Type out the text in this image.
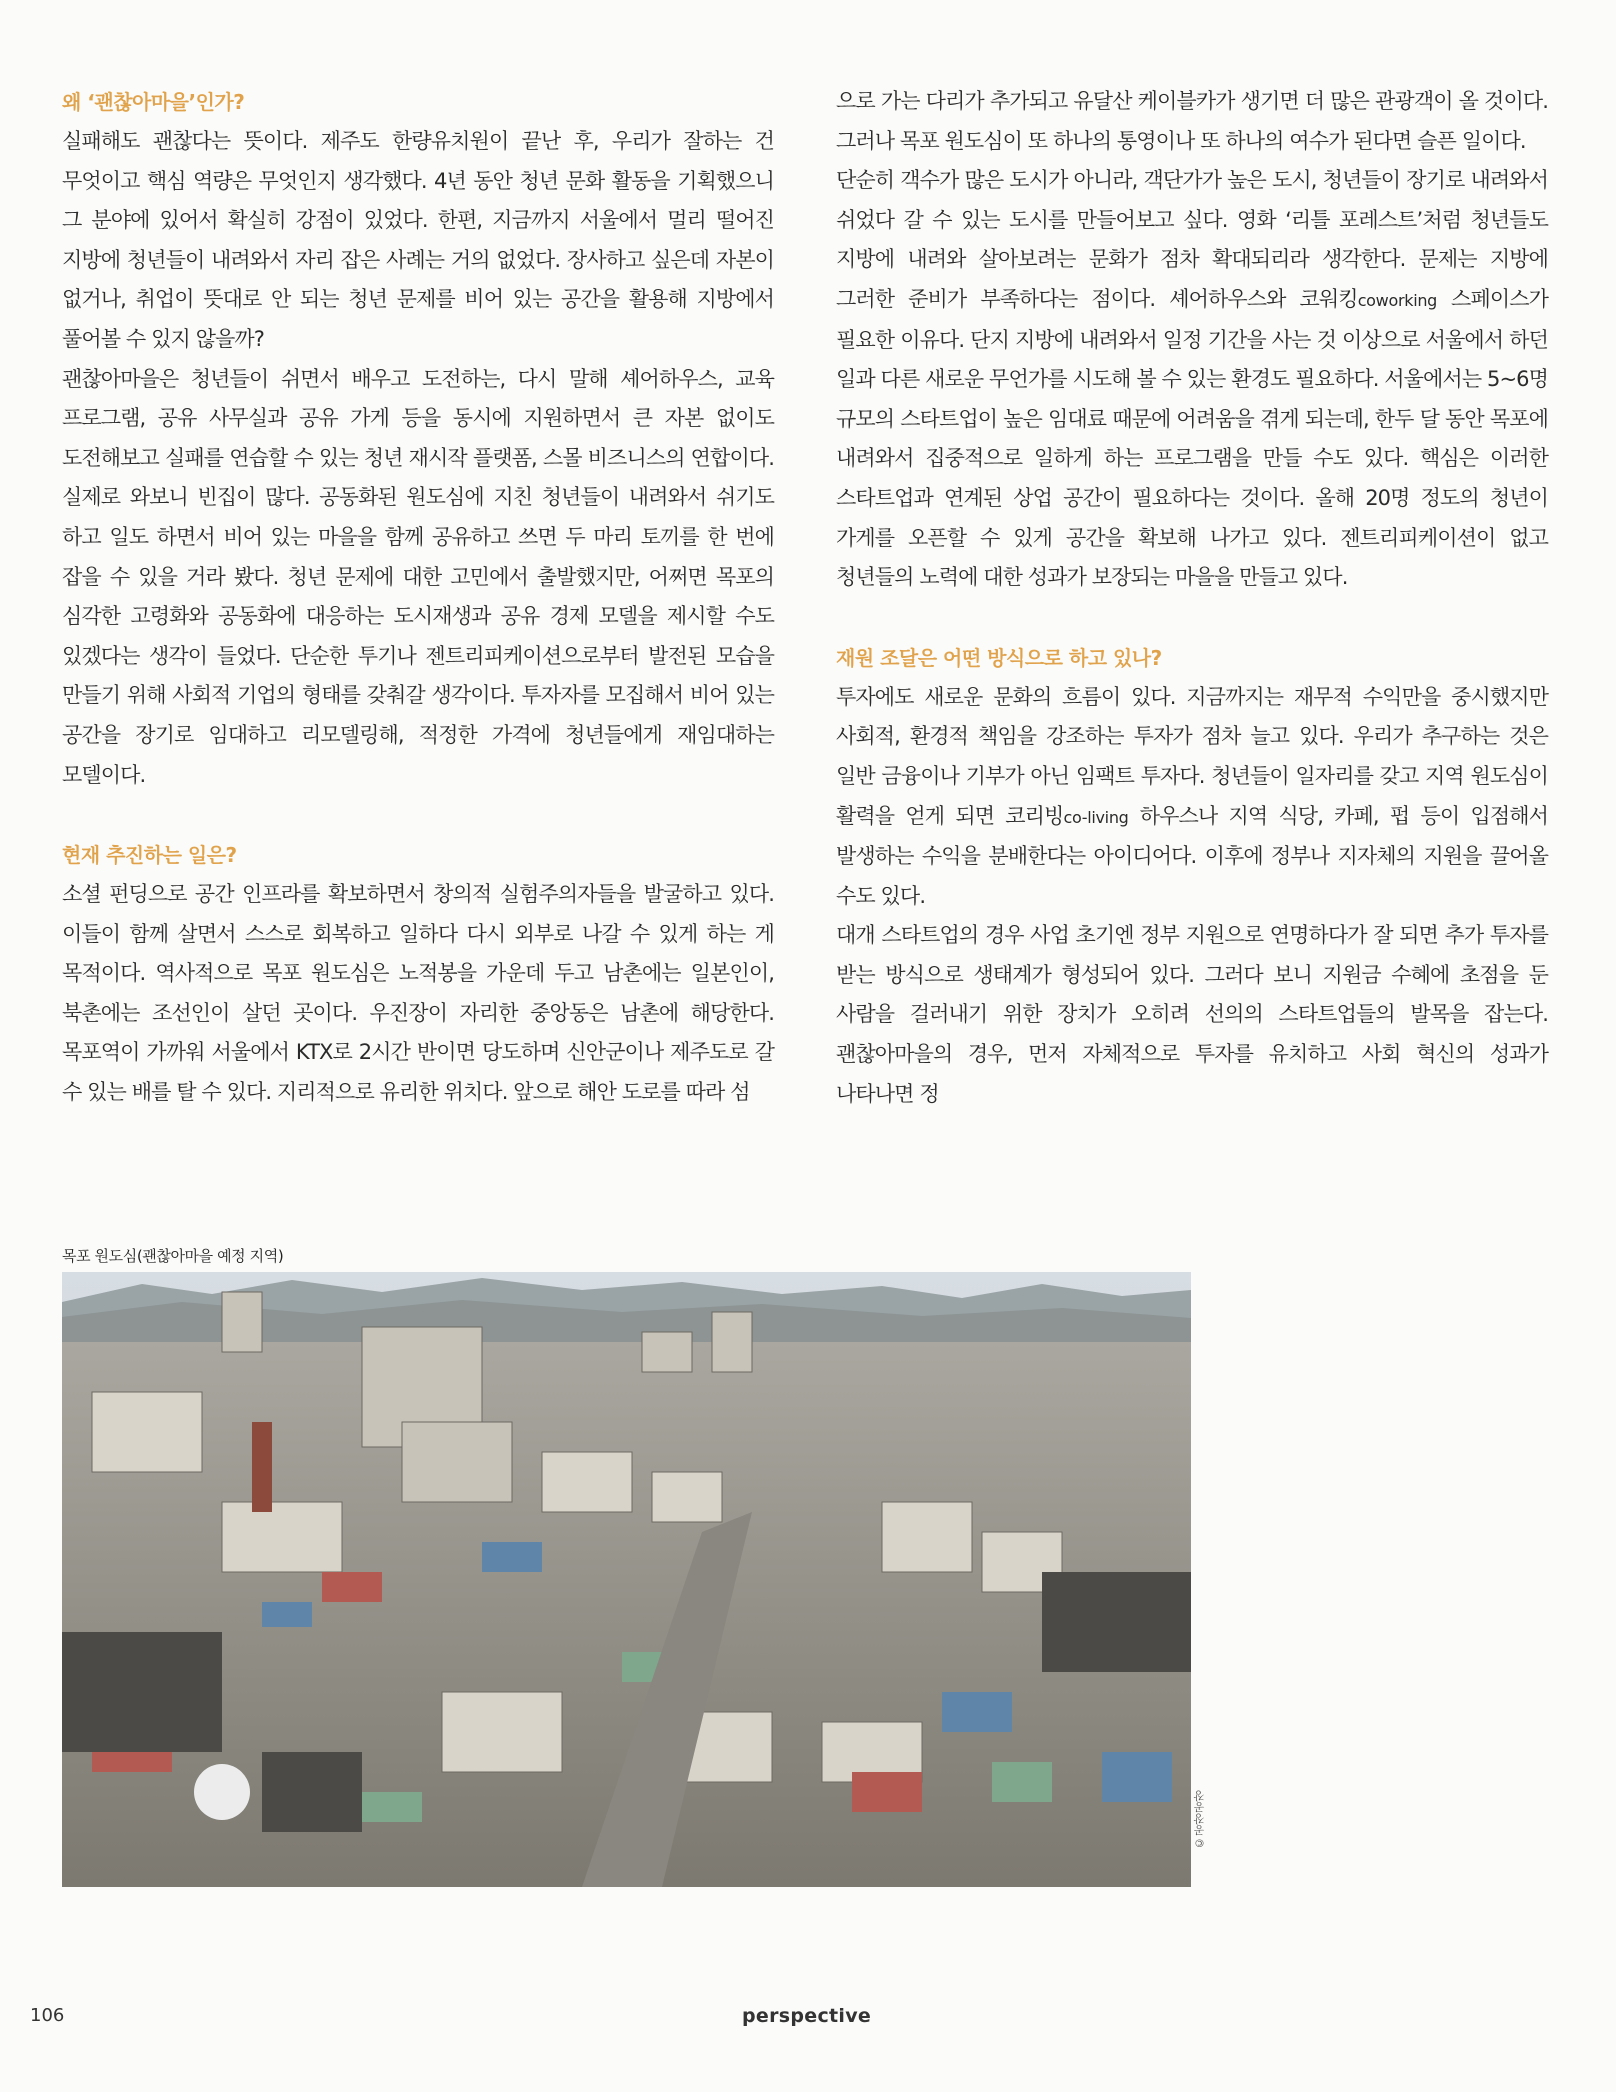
왜 ‘괜찮아마을’인가?

실패해도 괜찮다는 뜻이다. 제주도 한량유치원이 끝난 후, 우리가 잘하는 건 무엇이고 핵심 역량은 무엇인지 생각했다. 4년 동안 청년 문화 활동을 기획했으니 그 분야에 있어서 확실히 강점이 있었다. 한편, 지금까지 서울에서 멀리 떨어진 지방에 청년들이 내려와서 자리 잡은 사례는 거의 없었다. 장사하고 싶은데 자본이 없거나, 취업이 뜻대로 안 되는 청년 문제를 비어 있는 공간을 활용해 지방에서 풀어볼 수 있지 않을까?

괜찮아마을은 청년들이 쉬면서 배우고 도전하는, 다시 말해 셰어하우스, 교육 프로그램, 공유 사무실과 공유 가게 등을 동시에 지원하면서 큰 자본 없이도 도전해보고 실패를 연습할 수 있는 청년 재시작 플랫폼, 스몰 비즈니스의 연합이다. 실제로 와보니 빈집이 많다. 공동화된 원도심에 지친 청년들이 내려와서 쉬기도 하고 일도 하면서 비어 있는 마을을 함께 공유하고 쓰면 두 마리 토끼를 한 번에 잡을 수 있을 거라 봤다. 청년 문제에 대한 고민에서 출발했지만, 어쩌면 목포의 심각한 고령화와 공동화에 대응하는 도시재생과 공유 경제 모델을 제시할 수도 있겠다는 생각이 들었다. 단순한 투기나 젠트리피케이션으로부터 발전된 모습을 만들기 위해 사회적 기업의 형태를 갖춰갈 생각이다. 투자자를 모집해서 비어 있는 공간을 장기로 임대하고 리모델링해, 적정한 가격에 청년들에게 재임대하는 모델이다.

현재 추진하는 일은?

소셜 펀딩으로 공간 인프라를 확보하면서 창의적 실험주의자들을 발굴하고 있다. 이들이 함께 살면서 스스로 회복하고 일하다 다시 외부로 나갈 수 있게 하는 게 목적이다. 역사적으로 목포 원도심은 노적봉을 가운데 두고 남촌에는 일본인이, 북촌에는 조선인이 살던 곳이다. 우진장이 자리한 중앙동은 남촌에 해당한다. 목포역이 가까워 서울에서 KTX로 2시간 반이면 당도하며 신안군이나 제주도로 갈 수 있는 배를 탈 수 있다. 지리적으로 유리한 위치다. 앞으로 해안 도로를 따라 섬

으로 가는 다리가 추가되고 유달산 케이블카가 생기면 더 많은 관광객이 올 것이다. 그러나 목포 원도심이 또 하나의 통영이나 또 하나의 여수가 된다면 슬픈 일이다.

단순히 객수가 많은 도시가 아니라, 객단가가 높은 도시, 청년들이 장기로 내려와서 쉬었다 갈 수 있는 도시를 만들어보고 싶다. 영화 ‘리틀 포레스트’처럼 청년들도 지방에 내려와 살아보려는 문화가 점차 확대되리라 생각한다. 문제는 지방에 그러한 준비가 부족하다는 점이다. 셰어하우스와 코워킹coworking 스페이스가 필요한 이유다. 단지 지방에 내려와서 일정 기간을 사는 것 이상으로 서울에서 하던 일과 다른 새로운 무언가를 시도해 볼 수 있는 환경도 필요하다. 서울에서는 5~6명 규모의 스타트업이 높은 임대료 때문에 어려움을 겪게 되는데, 한두 달 동안 목포에 내려와서 집중적으로 일하게 하는 프로그램을 만들 수도 있다. 핵심은 이러한 스타트업과 연계된 상업 공간이 필요하다는 것이다. 올해 20명 정도의 청년이 가게를 오픈할 수 있게 공간을 확보해 나가고 있다. 젠트리피케이션이 없고 청년들의 노력에 대한 성과가 보장되는 마을을 만들고 있다.

재원 조달은 어떤 방식으로 하고 있나?

투자에도 새로운 문화의 흐름이 있다. 지금까지는 재무적 수익만을 중시했지만 사회적, 환경적 책임을 강조하는 투자가 점차 늘고 있다. 우리가 추구하는 것은 일반 금융이나 기부가 아닌 임팩트 투자다. 청년들이 일자리를 갖고 지역 원도심이 활력을 얻게 되면 코리빙co-living 하우스나 지역 식당, 카페, 펍 등이 입점해서 발생하는 수익을 분배한다는 아이디어다. 이후에 정부나 지자체의 지원을 끌어올 수도 있다.

대개 스타트업의 경우 사업 초기엔 정부 지원으로 연명하다가 잘 되면 추가 투자를 받는 방식으로 생태계가 형성되어 있다. 그러다 보니 지원금 수혜에 초점을 둔 사람을 걸러내기 위한 장치가 오히려 선의의 스타트업들의 발목을 잡는다. 괜찮아마을의 경우, 먼저 자체적으로 투자를 유치하고 사회 혁신의 성과가 나타나면 정

목포 원도심(괜찮아마을 예정 지역)
©공장공장
106	perspective
